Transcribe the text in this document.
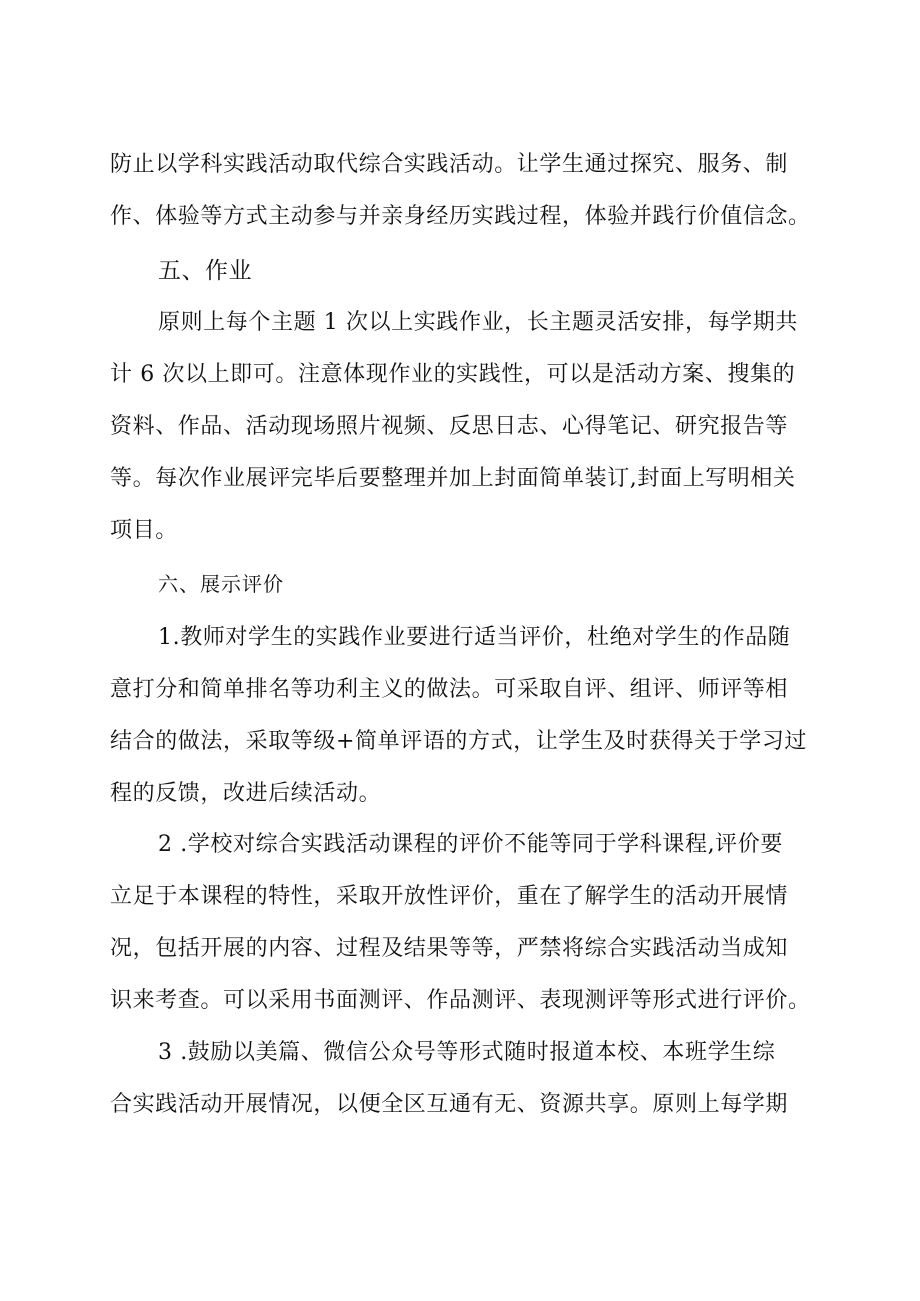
防止以学科实践活动取代综合实践活动。让学生通过探究、服务、制
作、体验等方式主动参与并亲身经历实践过程，体验并践行价值信念。
五、作业
原则上每个主题 1 次以上实践作业，长主题灵活安排，每学期共
计 6 次以上即可。注意体现作业的实践性，可以是活动方案、搜集的
资料、作品、活动现场照片视频、反思日志、心得笔记、研究报告等
等。每次作业展评完毕后要整理并加上封面简单装订,封面上写明相关
项目。
六、展示评价
1.教师对学生的实践作业要进行适当评价，杜绝对学生的作品随
意打分和简单排名等功利主义的做法。可采取自评、组评、师评等相
结合的做法，采取等级+简单评语的方式，让学生及时获得关于学习过
程的反馈，改进后续活动。
2 .学校对综合实践活动课程的评价不能等同于学科课程,评价要
立足于本课程的特性，采取开放性评价，重在了解学生的活动开展情
况，包括开展的内容、过程及结果等等，严禁将综合实践活动当成知
识来考查。可以采用书面测评、作品测评、表现测评等形式进行评价。
3 .鼓励以美篇、微信公众号等形式随时报道本校、本班学生综
合实践活动开展情况，以便全区互通有无、资源共享。原则上每学期
